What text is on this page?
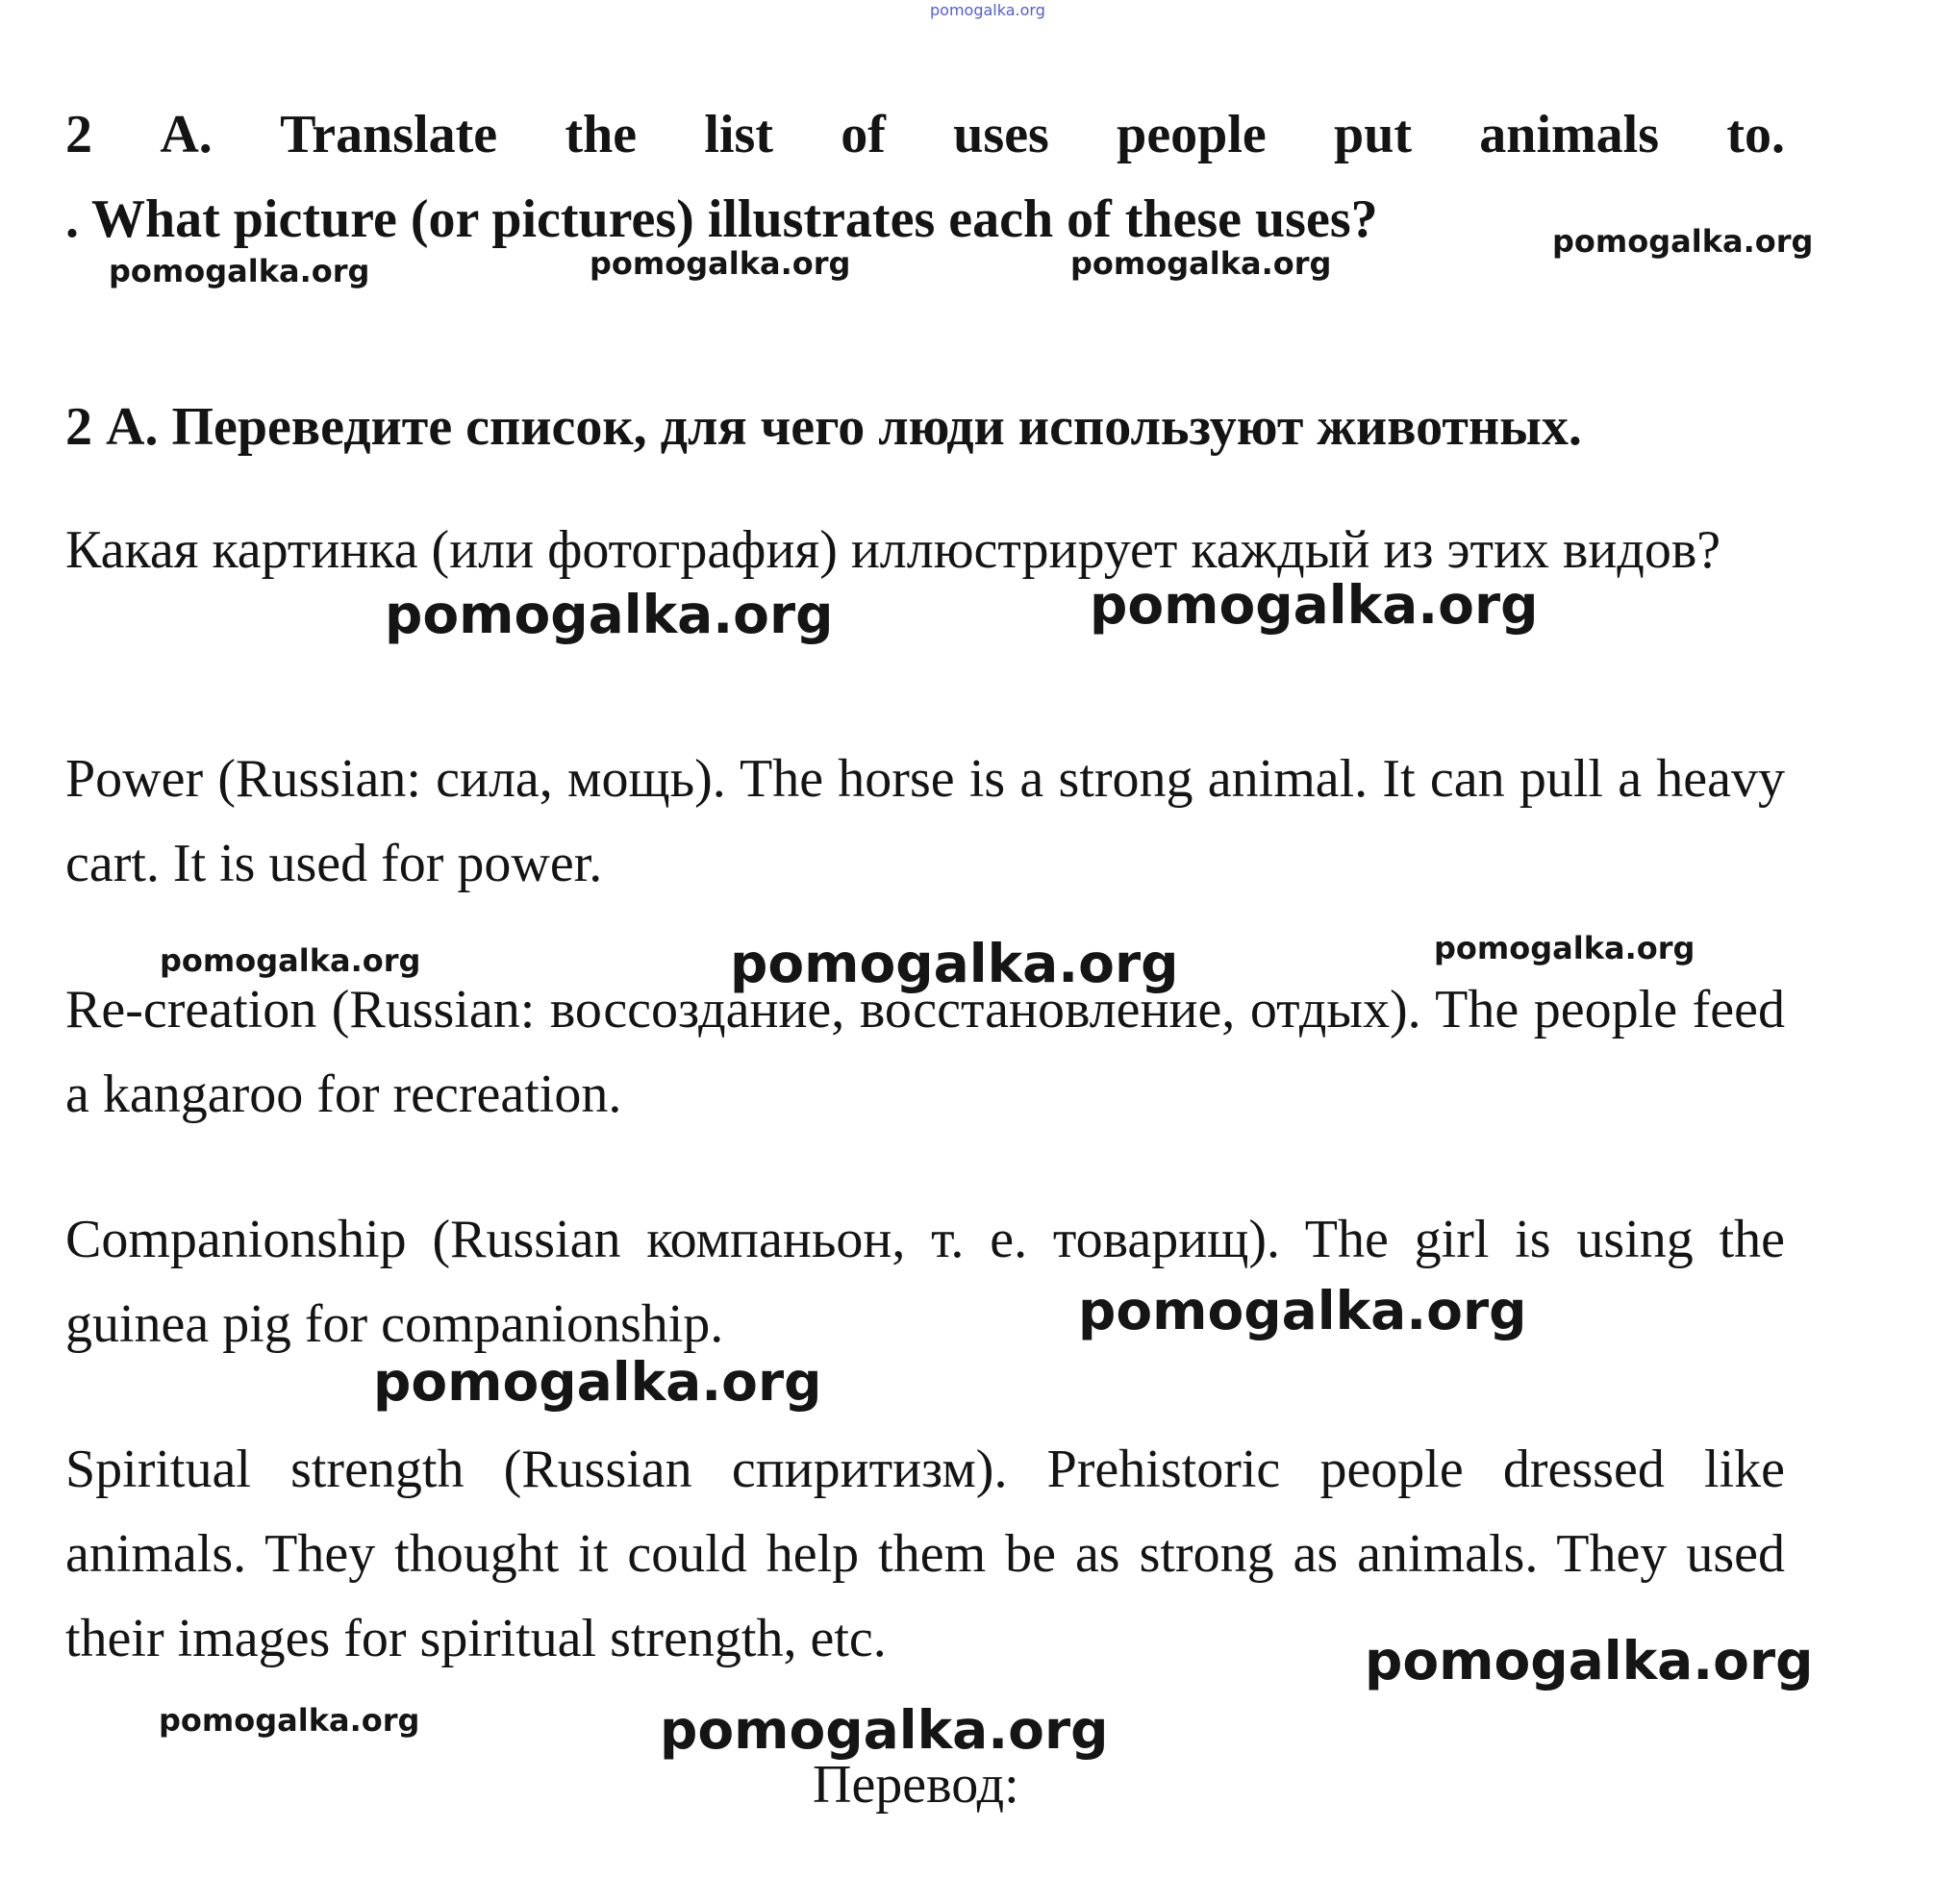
pomogalka.org
2 A. Translate the list of uses people put animals to.
. What picture (or pictures) illustrates each of these uses?
pomogalka.org	pomogalka.org	pomogalka.org
pomogalka.org
2 А. Переведите список, для чего люди используют животных.
Какая картинка (или фотография) иллюстрирует каждый из этих видов?
pomogalka.org	pomogalka.org
Power (Russian: сила, мощь). The horse is a strong animal. It can pull a heavy cart. It is used for power.
pomogalka.org	pomogalka.org	pomogalka.org
Re-creation (Russian: воссоздание, восстановление, отдых). The people feed a kangaroo for recreation.
Companionship (Russian компаньон, т. е. товарищ). The girl is using the guinea pig for companionship.	pomogalka.org
pomogalka.org
Spiritual strength (Russian спиритизм). Prehistoric people dressed like animals. They thought it could help them be as strong as animals. They used their images for spiritual strength, etc.	pomogalka.org
pomogalka.org	pomogalka.org
Перевод:
